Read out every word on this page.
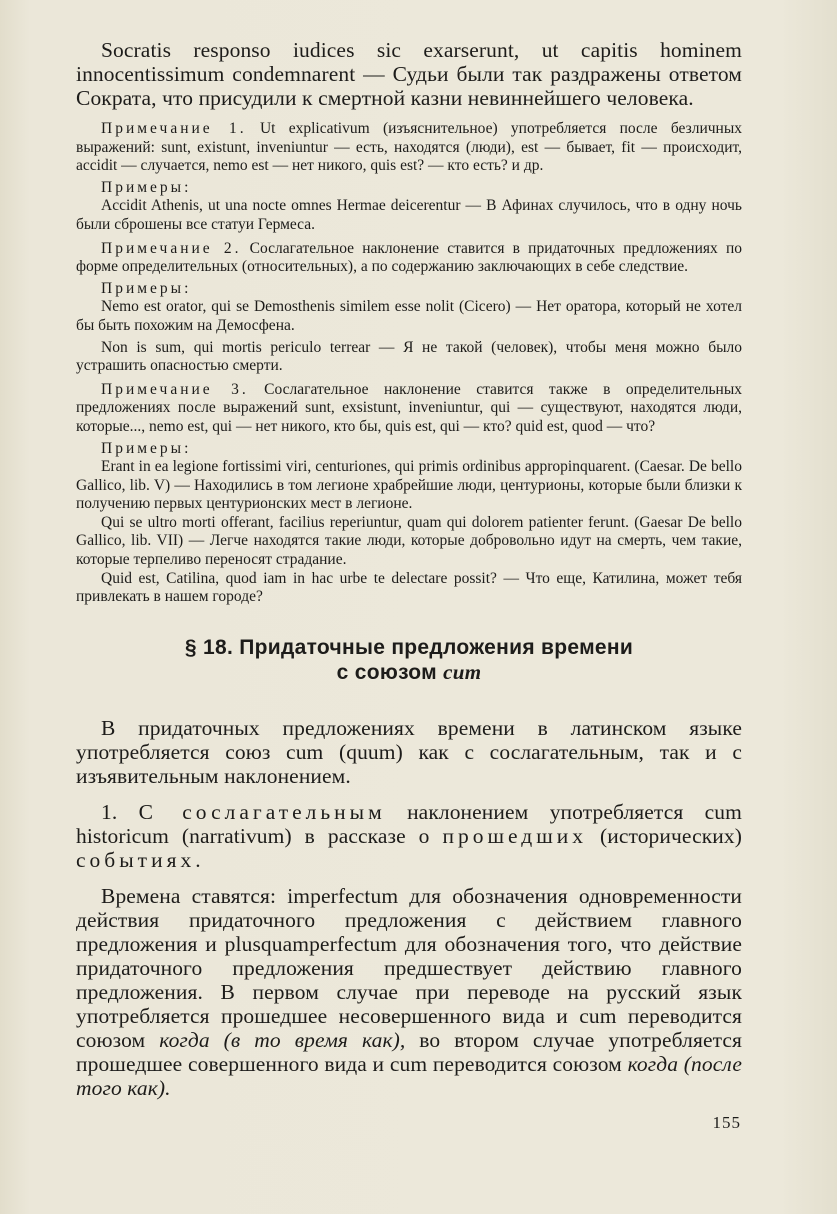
Socratis responso iudices sic exarserunt, ut capitis hominem innocentissimum condemnarent — Судьи были так раздражены ответом Сократа, что присудили к смертной казни невиннейшего человека.

Примечание 1. Ut explicativum (изъяснительное) употребляется после безличных выражений: sunt, existunt, inveniuntur — есть, находятся (люди), est — бывает, fit — происходит, accidit — случается, nemo est — нет никого, quis est? — кто есть? и др.

Примеры:

Accidit Athenis, ut una nocte omnes Hermae deicerentur — В Афинах случилось, что в одну ночь были сброшены все статуи Гермеса.

Примечание 2. Сослагательное наклонение ставится в придаточных предложениях по форме определительных (относительных), а по содержанию заключающих в себе следствие.

Примеры:

Nemo est orator, qui se Demosthenis similem esse nolit (Cicero) — Нет оратора, который не хотел бы быть похожим на Демосфена.

Non is sum, qui mortis periculo terrear — Я не такой (человек), чтобы меня можно было устрашить опасностью смерти.

Примечание 3. Сослагательное наклонение ставится также в определительных предложениях после выражений sunt, exsistunt, inveniuntur, qui — существуют, находятся люди, которые..., nemo est, qui — нет никого, кто бы, quis est, qui — кто? quid est, quod — что?

Примеры:

Erant in ea legione fortissimi viri, centuriones, qui primis ordinibus appropinquarent. (Caesar. De bello Gallico, lib. V) — Находились в том легионе храбрейшие люди, центурионы, которые были близки к получению первых центурионских мест в легионе.

Qui se ultro morti offerant, facilius reperiuntur, quam qui dolorem patienter ferunt. (Gaesar De bello Gallico, lib. VII) — Легче находятся такие люди, которые добровольно идут на смерть, чем такие, которые терпеливо переносят страдание.

Quid est, Catilina, quod iam in hac urbe te delectare possit? — Что еще, Катилина, может тебя привлекать в нашем городе?

§ 18. Придаточные предложения времени
с союзом cum

В придаточных предложениях времени в латинском языке употребляется союз cum (quum) как с сослагательным, так и с изъявительным наклонением.

1. С сослагательным наклонением употребляется cum historicum (narrativum) в рассказе о прошедших (исторических) событиях.

Времена ставятся: imperfectum для обозначения одновременности действия придаточного предложения с действием главного предложения и plusquamperfectum для обозначения того, что действие придаточного предложения предшествует действию главного предложения. В первом случае при переводе на русский язык употребляется прошедшее несовершенного вида и cum переводится союзом когда (в то время как), во втором случае употребляется прошедшее совершенного вида и cum переводится союзом когда (после того как).

155
